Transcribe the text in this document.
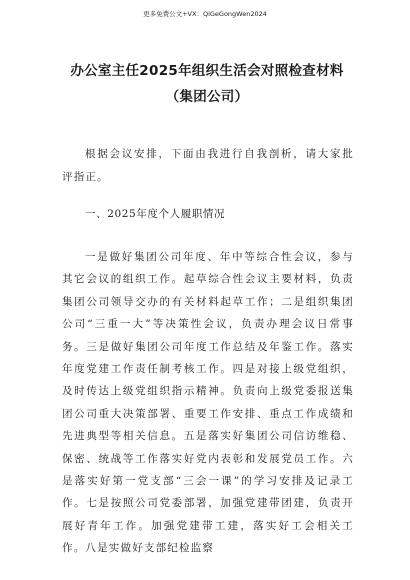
更多免费公文+VX：QiGeGongWen2024
办公室主任2025年组织生活会对照检查材料（集团公司）

根据会议安排，下面由我进行自我剖析，请大家批评指正。

一、2025年度个人履职情况

一是做好集团公司年度、年中等综合性会议，参与其它会议的组织工作。起草综合性会议主要材料，负责集团公司领导交办的有关材料起草工作；二是组织集团公司“三重一大”等决策性会议，负责办理会议日常事务。三是做好集团公司年度工作总结及年鉴工作。落实年度党建工作责任制考核工作。四是对接上级党组织，及时传达上级党组织指示精神。负责向上级党委报送集团公司重大决策部署、重要工作安排、重点工作成绩和先进典型等相关信息。五是落实好集团公司信访维稳、保密、统战等工作落实好党内表彰和发展党员工作。六是落实好第一党支部“三会一课”的学习安排及记录工作。七是按照公司党委部署，加强党建带团建，负责开展好青年工作。加强党建带工建，落实好工会相关工作。八是实做好支部纪检监察
